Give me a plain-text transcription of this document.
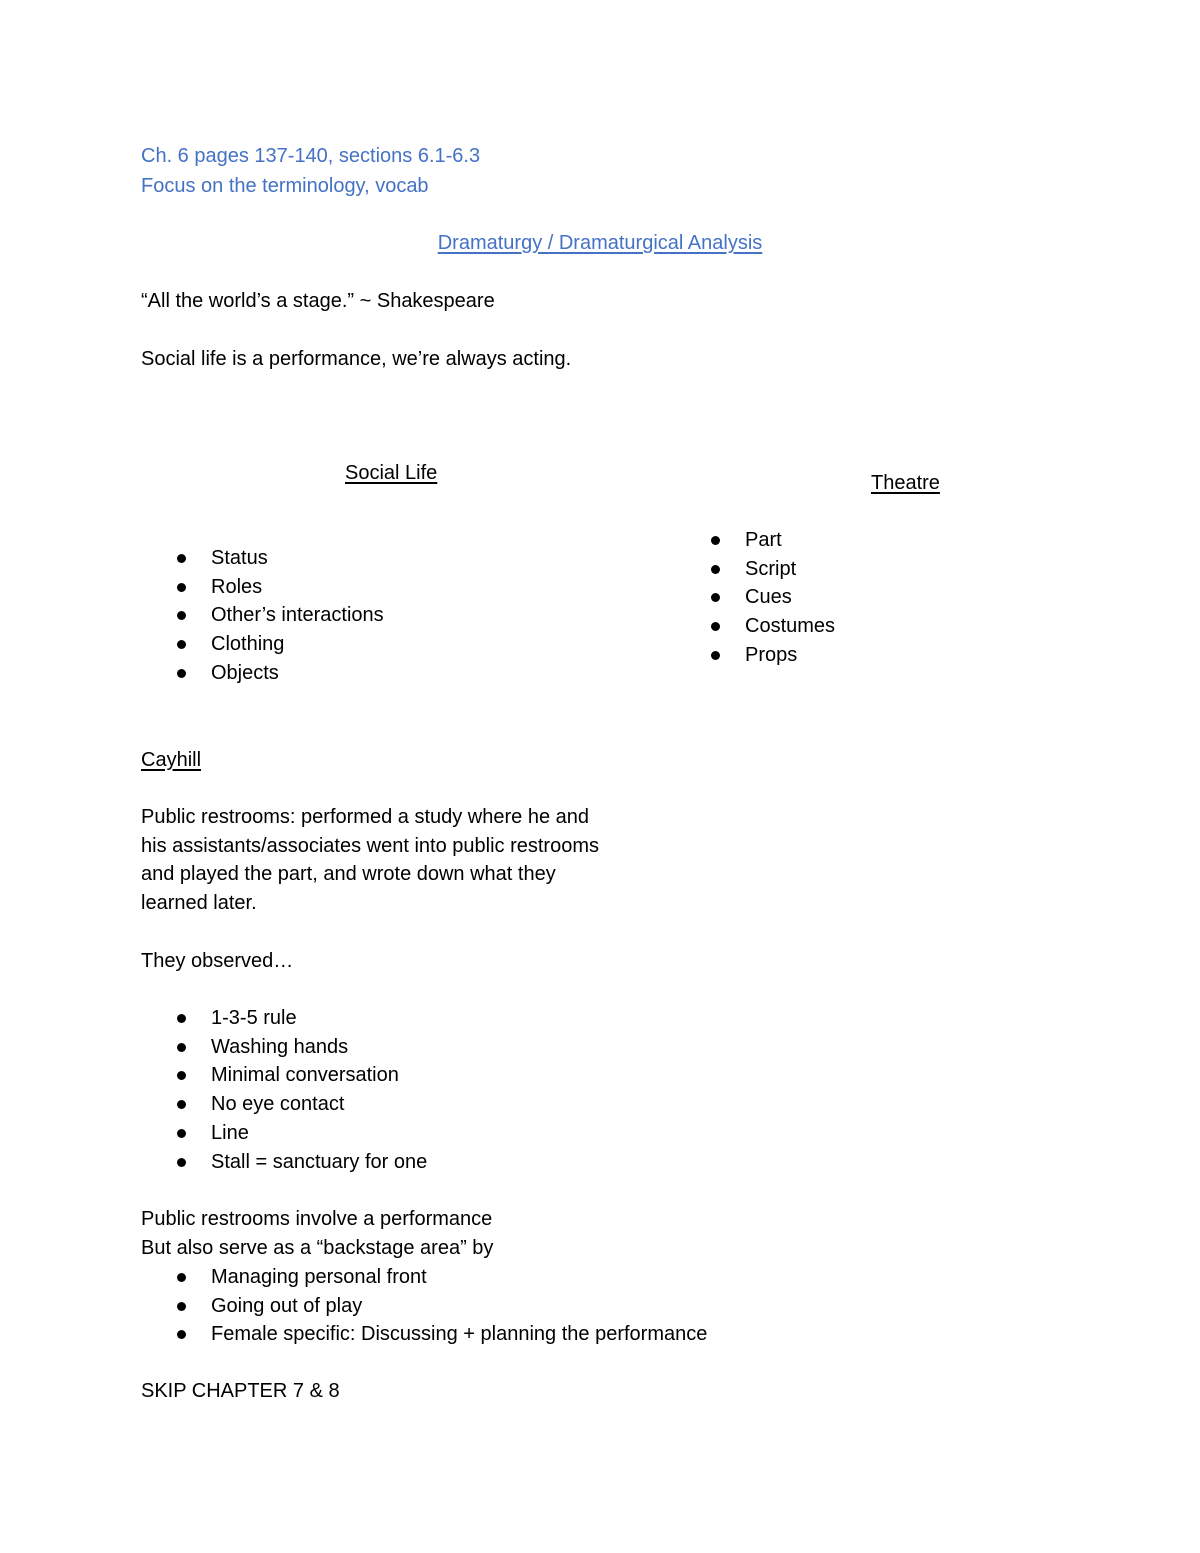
Ch. 6 pages 137-140, sections 6.1-6.3
Focus on the terminology, vocab
Dramaturgy / Dramaturgical Analysis
“All the world’s a stage.” ~ Shakespeare
Social life is a performance, we’re always acting.
Social Life	Theatre
Status
Roles
Other’s interactions
Clothing
Objects
Part
Script
Cues
Costumes
Props
Cayhill
Public restrooms: performed a study where he and
his assistants/associates went into public restrooms
and played the part, and wrote down what they
learned later.
They observed…
1-3-5 rule
Washing hands
Minimal conversation
No eye contact
Line
Stall = sanctuary for one
Public restrooms involve a performance
But also serve as a “backstage area” by
Managing personal front
Going out of play
Female specific: Discussing + planning the performance
SKIP CHAPTER 7 & 8
